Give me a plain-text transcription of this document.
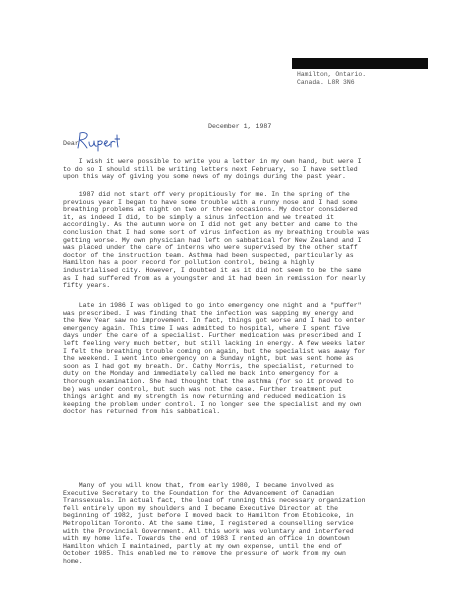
Hamilton, Ontario.
Canada. L8R 3N6
December 1, 1987
Dear
I wish it were possible to write you a letter in my own hand, but were I
to do so I should still be writing letters next February, so I have settled
upon this way of giving you some news of my doings during the past year.
1987 did not start off very propitiously for me. In the spring of the
previous year I began to have some trouble with a runny nose and I had some
breathing problems at night on two or three occasions. My doctor considered
it, as indeed I did, to be simply a sinus infection and we treated it
accordingly. As the autumn wore on I did not get any better and came to the
conclusion that I had some sort of virus infection as my breathing trouble was
getting worse. My own physician had left on sabbatical for New Zealand and I
was placed under the care of interns who were supervised by the other staff
doctor of the instruction team. Asthma had been suspected, particularly as
Hamilton has a poor record for pollution control, being a highly
industrialised city. However, I doubted it as it did not seem to be the same
as I had suffered from as a youngster and it had been in remission for nearly
fifty years.
Late in 1986 I was obliged to go into emergency one night and a "puffer"
was prescribed. I was finding that the infection was sapping my energy and
the New Year saw no improvement. In fact, things got worse and I had to enter
emergency again. This time I was admitted to hospital, where I spent five
days under the care of a specialist. Further medication was prescribed and I
left feeling very much better, but still lacking in energy. A few weeks later
I felt the breathing trouble coming on again, but the specialist was away for
the weekend. I went into emergency on a Sunday night, but was sent home as
soon as I had got my breath. Dr. Cathy Morris, the specialist, returned to
duty on the Monday and immediately called me back into emergency for a
thorough examination. She had thought that the asthma (for so it proved to
be) was under control, but such was not the case. Further treatment put
things aright and my strength is now returning and reduced medication is
keeping the problem under control. I no longer see the specialist and my own
doctor has returned from his sabbatical.
Many of you will know that, from early 1980, I became involved as
Executive Secretary to the Foundation for the Advancement of Canadian
Transsexuals. In actual fact, the load of running this necessary organization
fell entirely upon my shoulders and I became Executive Director at the
beginning of 1982, just before I moved back to Hamilton from Etobicoke, in
Metropolitan Toronto. At the same time, I registered a counselling service
with the Provincial Government. All this work was voluntary and interfered
with my home life. Towards the end of 1983 I rented an office in downtown
Hamilton which I maintained, partly at my own expense, until the end of
October 1985. This enabled me to remove the pressure of work from my own
home.
